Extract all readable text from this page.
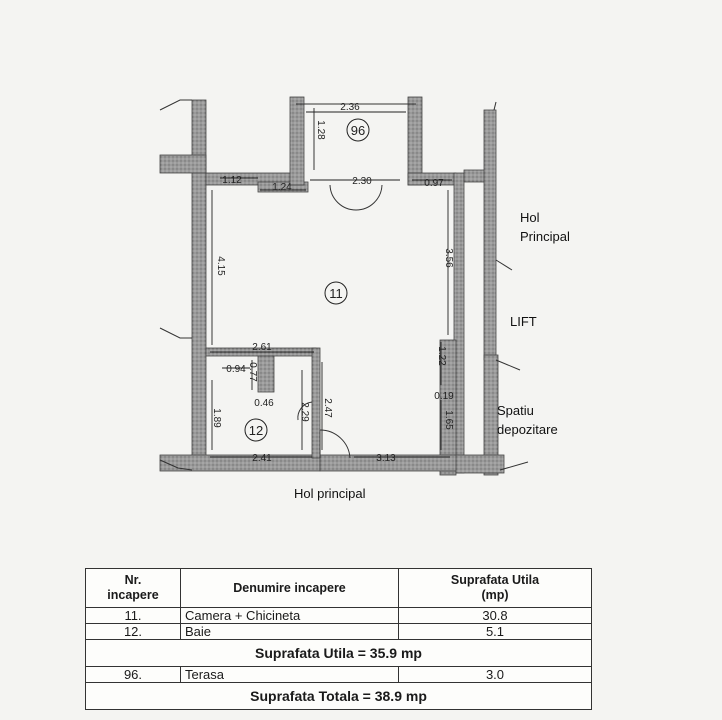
2.36
1.28
1.12
1.24
2.30	0.97
4.15	3.56
1.22
0.19
1.65
2.61
0.94 0.77
0.46
1.89	2.29 2.47
2.41	3.13
96
11
12
Hol
Principal
LIFT
Spatiu
depozitare
Hol principal
Nr.
incapere	Denumire incapere	Suprafata Utila
(mp)
11.	Camera + Chicineta	30.8
12.	Baie	5.1
Suprafata Utila = 35.9 mp		
96.	Terasa	3.0
Suprafata Totala = 38.9 mp		
